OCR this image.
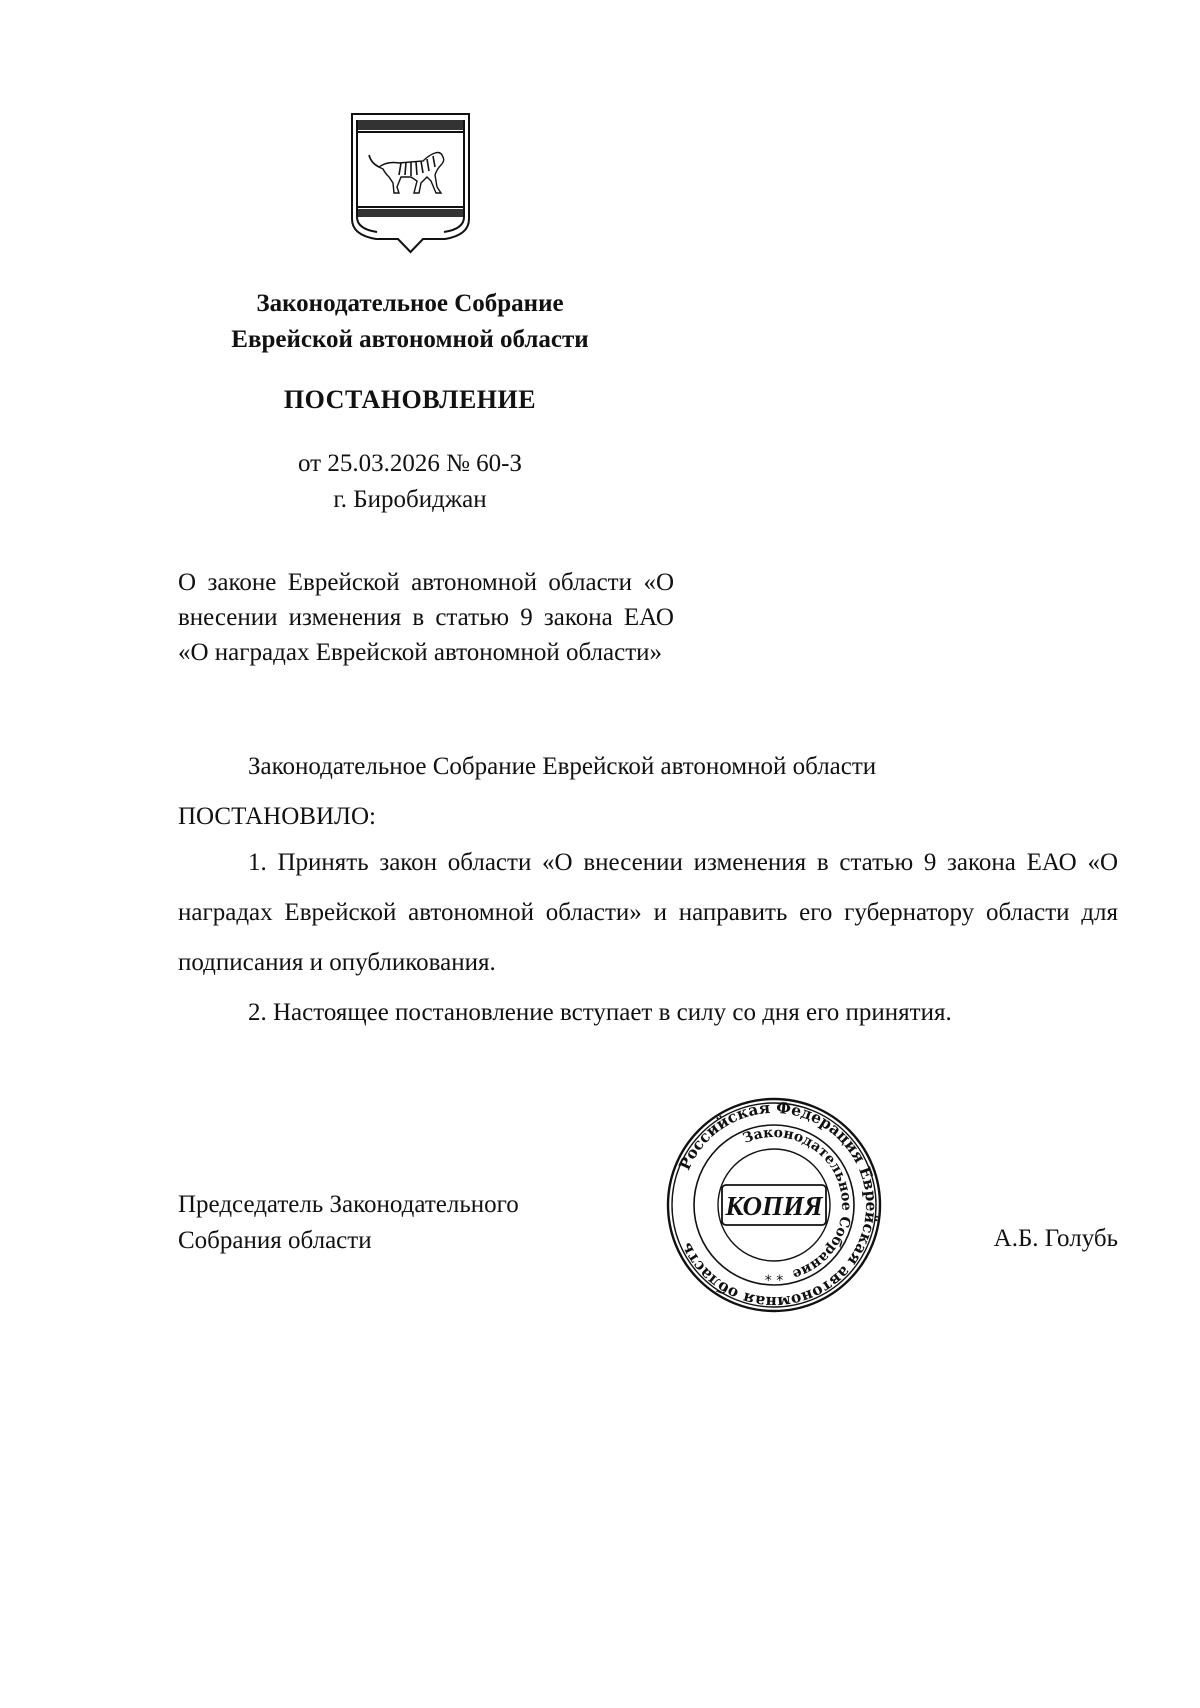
Законодательное Собрание
Еврейской автономной области
ПОСТАНОВЛЕНИЕ
от 25.03.2026 № 60-З
г. Биробиджан
О законе Еврейской автономной области «О внесении изменения в статью 9 закона ЕАО «О наградах Еврейской автономной области»
Законодательное Собрание Еврейской автономной области
ПОСТАНОВИЛО:

1. Принять закон области «О внесении изменения в статью 9 закона ЕАО «О наградах Еврейской автономной области» и направить его губернатору области для подписания и опубликования.

2. Настоящее постановление вступает в силу со дня его принятия.

Председатель Законодательного
Собрания области	А.Б. Голубь
Российская Федерация Еврейская автономная область
Законодательное Собрание
КОПИЯ
* *
